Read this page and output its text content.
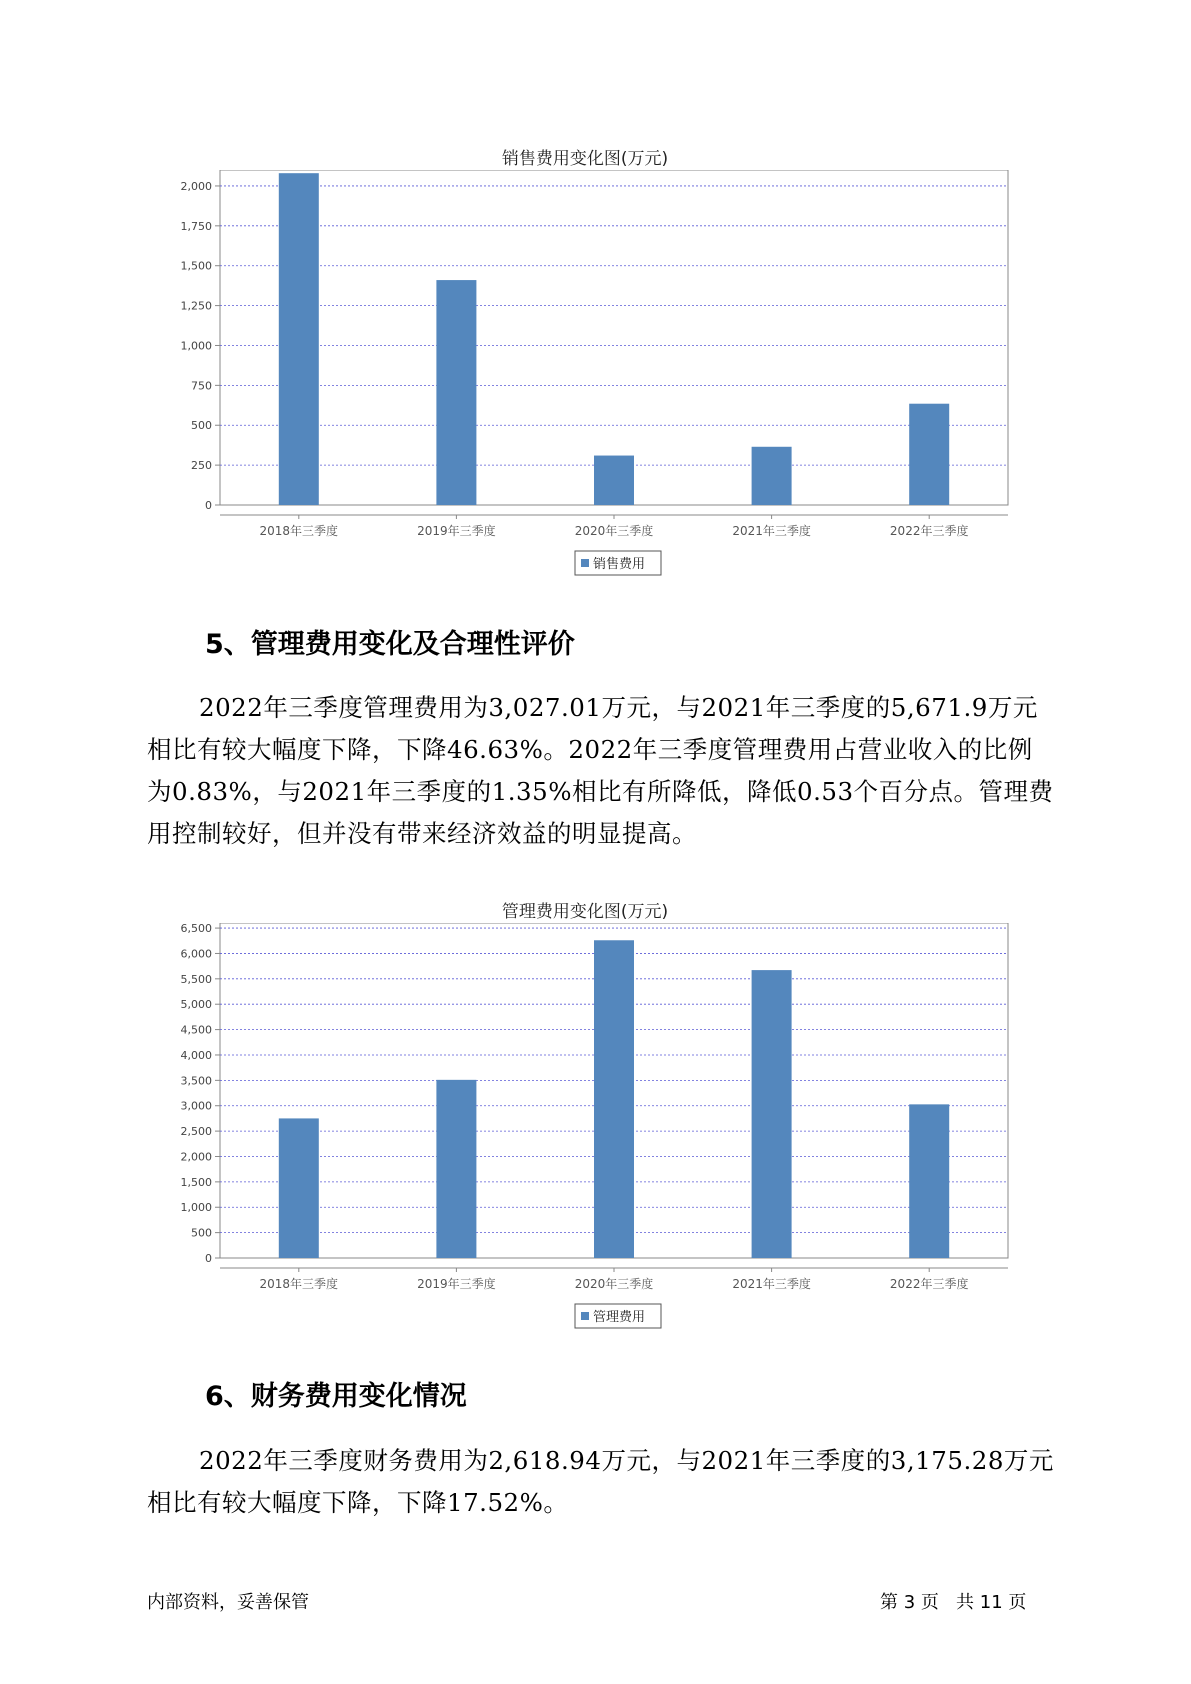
销售费用变化图(万元)
0
250
500
750
1,000
1,250
1,500
1,750
2,000
2018年三季度	2019年三季度	2020年三季度	2021年三季度	2022年三季度
销售费用
5、管理费用变化及合理性评价

2022年三季度管理费用为3,027.01万元，与2021年三季度的5,671.9万元相比有较大幅度下降，下降46.63%。2022年三季度管理费用占营业收入的比例为0.83%，与2021年三季度的1.35%相比有所降低，降低0.53个百分点。管理费用控制较好，但并没有带来经济效益的明显提高。

管理费用变化图(万元)
0
500
1,000
1,500
2,000
2,500
3,000
3,500
4,000
4,500
5,000
5,500
6,000
6,500
2018年三季度	2019年三季度	2020年三季度	2021年三季度	2022年三季度
管理费用
6、财务费用变化情况

2022年三季度财务费用为2,618.94万元，与2021年三季度的3,175.28万元相比有较大幅度下降，下降17.52%。

内部资料，妥善保管	第 3 页   共 11 页
